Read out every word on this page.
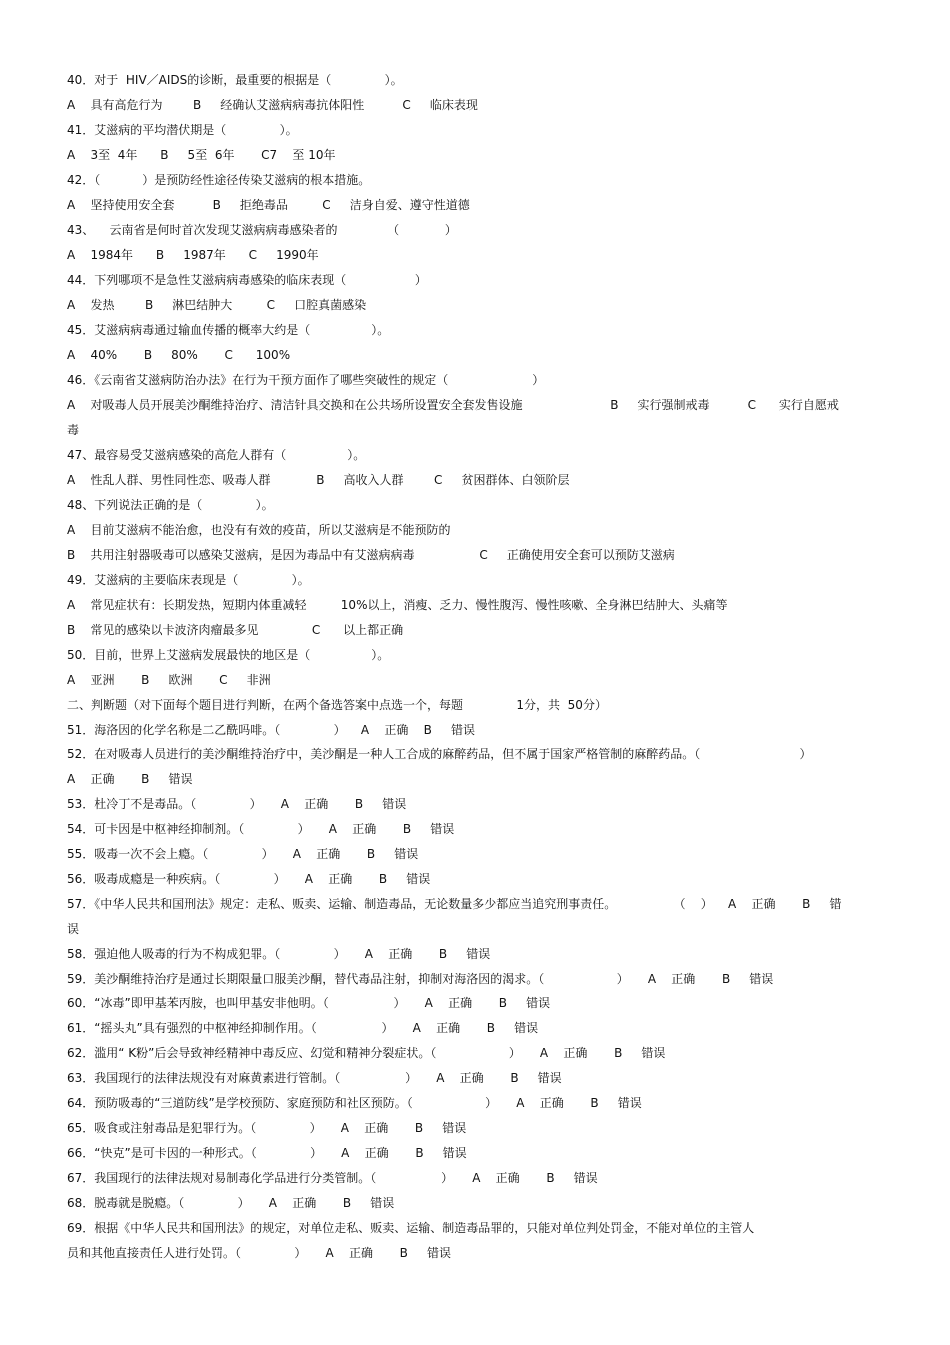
40．对于  HIV／AIDS的诊断，最重要的根据是（              ）。
A    具有高危行为        B     经确认艾滋病病毒抗体阳性          C     临床表现
41．艾滋病的平均潜伏期是（              ）。
A    3至  4年      B     5至  6年       C7    至 10年
42．（           ）是预防经性途径传染艾滋病的根本措施。
A    坚持使用安全套          B     拒绝毒品         C     洁身自爱、遵守性道德
43、    云南省是何时首次发现艾滋病病毒感染者的             （            ）
A    1984年      B     1987年      C     1990年
44．下列哪项不是急性艾滋病病毒感染的临床表现（                  ）
A    发热        B     淋巴结肿大         C     口腔真菌感染
45．艾滋病病毒通过输血传播的概率大约是（                ）。
A    40%       B     80%       C      100%
46．《云南省艾滋病防治办法》在行为干预方面作了哪些突破性的规定（                      ）
A    对吸毒人员开展美沙酮维持治疗、清洁针具交换和在公共场所设置安全套发售设施                       B     实行强制戒毒          C      实行自愿戒
毒
47、最容易受艾滋病感染的高危人群有（                ）。
A    性乱人群、男性同性恋、吸毒人群            B     高收入人群        C     贫困群体、白领阶层
48、下列说法正确的是（              ）。
A    目前艾滋病不能治愈，也没有有效的疫苗，所以艾滋病是不能预防的
B    共用注射器吸毒可以感染艾滋病，是因为毒品中有艾滋病病毒                 C     正确使用安全套可以预防艾滋病
49．艾滋病的主要临床表现是（              ）。
A    常见症状有：长期发热，短期内体重减轻         10%以上，消瘦、乏力、慢性腹泻、慢性咳嗽、全身淋巴结肿大、头痛等
B    常见的感染以卡波济肉瘤最多见              C      以上都正确
50．目前，世界上艾滋病发展最快的地区是（                ）。
A    亚洲       B     欧洲       C     非洲
二、判断题（对下面每个题目进行判断，在两个备选答案中点选一个，每题              1分，共  50分）
51．海洛因的化学名称是二乙酰吗啡。（              ）    A    正确    B     错误
52．在对吸毒人员进行的美沙酮维持治疗中，美沙酮是一种人工合成的麻醉药品，但不属于国家严格管制的麻醉药品。（                          ）
A    正确       B     错误
53．杜冷丁不是毒品。（              ）     A    正确       B     错误
54．可卡因是中枢神经抑制剂。（              ）     A    正确       B     错误
55．吸毒一次不会上瘾。（              ）     A    正确       B     错误
56．吸毒成瘾是一种疾病。（              ）     A    正确       B     错误
57．《中华人民共和国刑法》规定：走私、贩卖、运输、制造毒品，无论数量多少都应当追究刑事责任。               （    ）    A    正确       B     错
误
58．强迫他人吸毒的行为不构成犯罪。（              ）     A    正确       B     错误
59．美沙酮维持治疗是通过长期限量口服美沙酮，替代毒品注射，抑制对海洛因的渴求。（                   ）     A    正确       B     错误
60．“冰毒”即甲基苯丙胺，也叫甲基安非他明。（                 ）     A    正确       B     错误
61．“摇头丸”具有强烈的中枢神经抑制作用。（                 ）     A    正确       B     错误
62．滥用“ K粉”后会导致神经精神中毒反应、幻觉和精神分裂症状。（                   ）     A    正确       B     错误
63．我国现行的法律法规没有对麻黄素进行管制。（                 ）     A    正确       B     错误
64．预防吸毒的“三道防线”是学校预防、家庭预防和社区预防。（                   ）     A    正确       B     错误
65．吸食或注射毒品是犯罪行为。（              ）     A    正确       B     错误
66．“快克”是可卡因的一种形式。（              ）     A    正确       B     错误
67．我国现行的法律法规对易制毒化学品进行分类管制。（                 ）     A    正确       B     错误
68．脱毒就是脱瘾。（              ）     A    正确       B     错误
69．根据《中华人民共和国刑法》的规定，对单位走私、贩卖、运输、制造毒品罪的，只能对单位判处罚金，不能对单位的主管人
员和其他直接责任人进行处罚。（              ）     A    正确       B     错误
